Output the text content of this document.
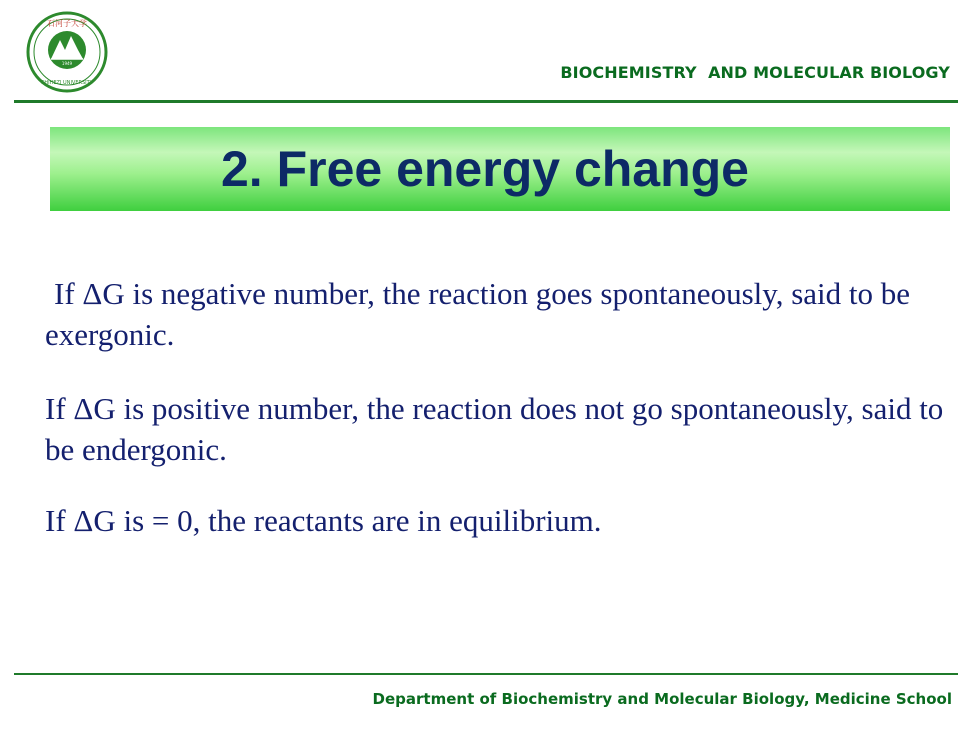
石河子大学
1949
SHIHEZI UNIVERSITY
BIOCHEMISTRY  AND MOLECULAR BIOLOGY
2. Free energy change

If ΔG is negative number, the reaction goes spontaneously, said to be exergonic.

If ΔG is positive number, the reaction does not go spontaneously, said to be endergonic.

If ΔG is = 0, the reactants are in equilibrium.

Department of Biochemistry and Molecular Biology, Medicine School
